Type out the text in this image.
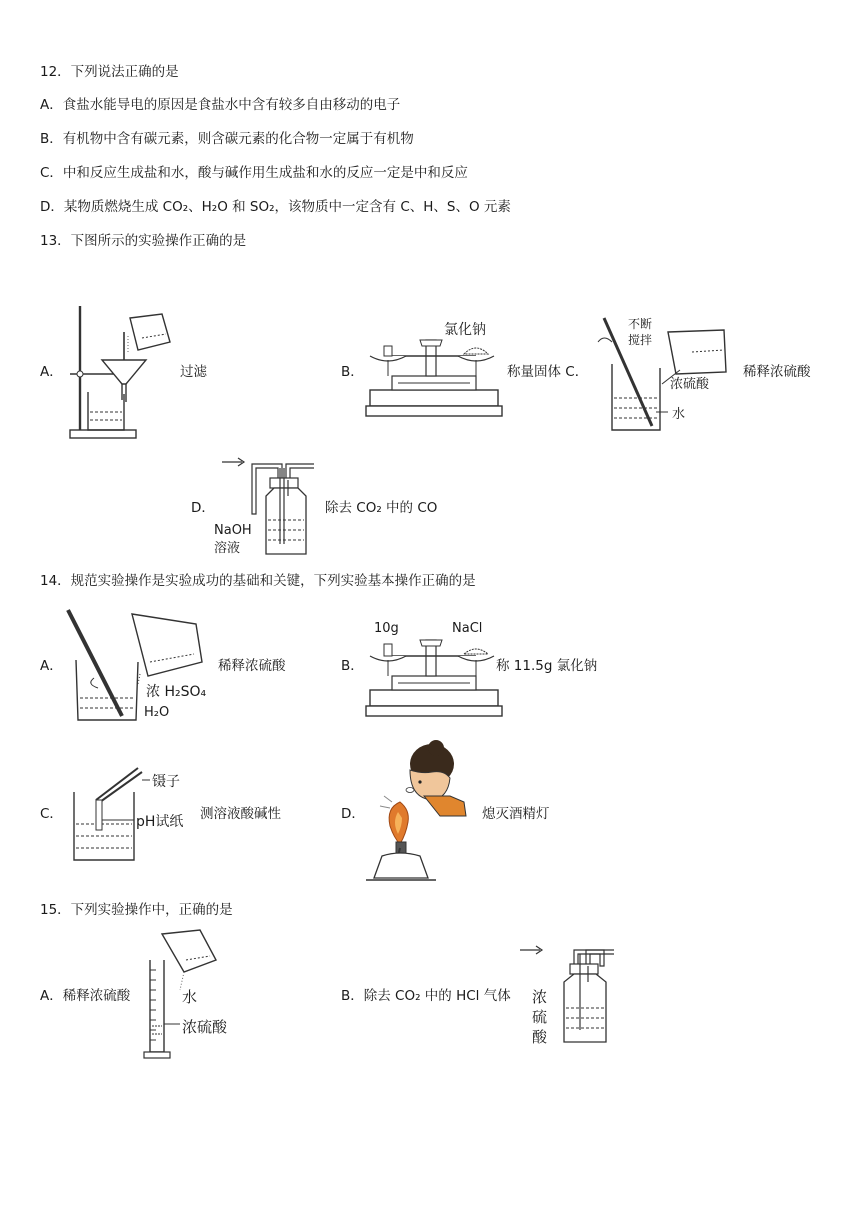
12．下列说法正确的是
A．食盐水能导电的原因是食盐水中含有较多自由移动的电子
B．有机物中含有碳元素，则含碳元素的化合物一定属于有机物
C．中和反应生成盐和水，酸与碱作用生成盐和水的反应一定是中和反应
D．某物质燃烧生成 CO₂、H₂O 和 SO₂，该物质中一定含有 C、H、S、O 元素
13．下图所示的实验操作正确的是
A．	过滤	B．
氯化钠
称量固体 C．
不断
搅拌
浓硫酸
水
稀释浓硫酸
D．
NaOH
溶液
除去 CO₂ 中的 CO
14．规范实验操作是实验成功的基础和关键，下列实验基本操作正确的是
A．
浓 H₂SO₄
H₂O
稀释浓硫酸	B．
10g	NaCl
称 11.5g 氯化钠
C．
镊子
pH试纸 测溶液酸碱性	D．	熄灭酒精灯
15．下列实验操作中，正确的是
A．稀释浓硫酸	水
浓硫酸
B．除去 CO₂ 中的 HCl 气体 浓
硫
酸
